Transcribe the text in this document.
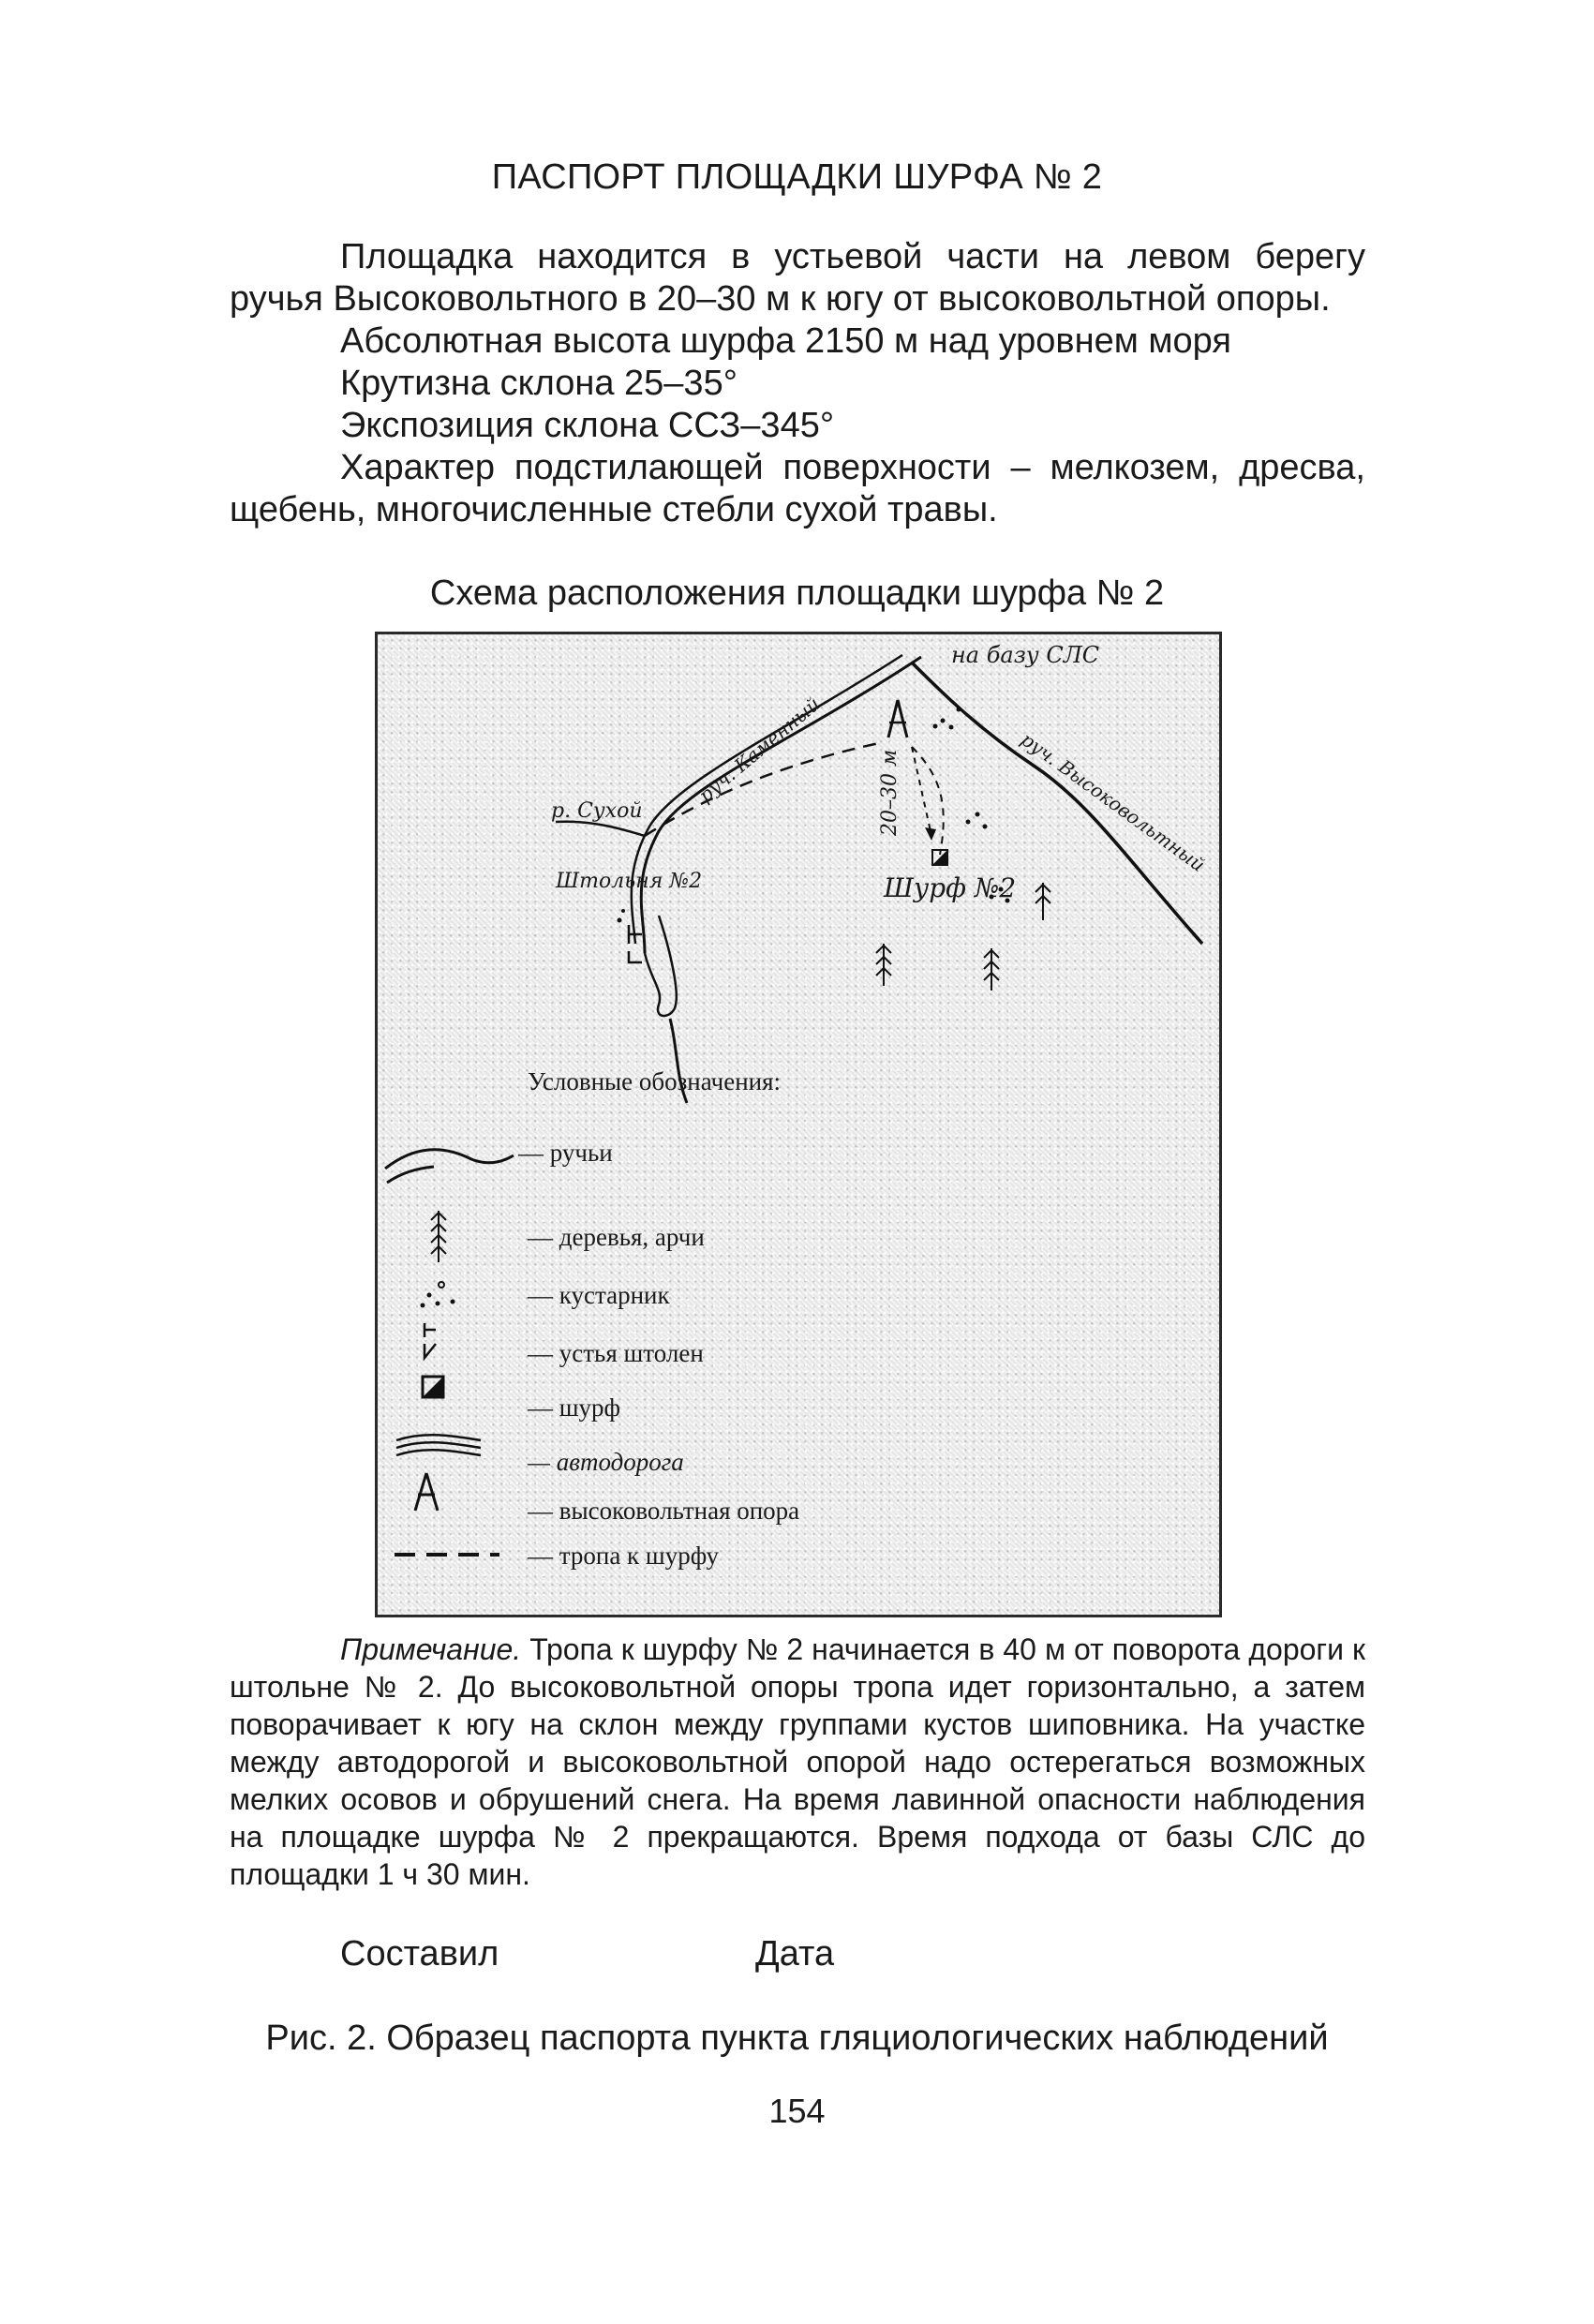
ПАСПОРТ ПЛОЩАДКИ ШУРФА № 2

Площадка находится в устьевой части на левом берегу ручья Высоковольтного в 20–30 м к югу от высоковольтной опоры.

Абсолютная высота шурфа 2150 м над уровнем моря

Крутизна склона 25–35°

Экспозиция склона ССЗ–345°

Характер подстилающей поверхности – мелкозем, дресва, щебень, многочисленные стебли сухой травы.

Схема расположения площадки шурфа № 2
на базу СЛС
руч. Каменный
р. Сухой
Штольня №2
20–30 м
Шурф №2
руч. Высоковольтный
Условные обозначения:
— ручьи
— деревья, арчи
— кустарник
— устья штолен
— шурф
— автодорога
— высоковольтная опора
— тропа к шурфу

Примечание. Тропа к шурфу № 2 начинается в 40 м от поворота дороги к штольне № 2. До высоковольтной опоры тропа идет горизонтально, а затем поворачивает к югу на склон между группами кустов шиповника. На участке между автодорогой и высоковольтной опорой надо остерегаться возможных мелких осовов и обрушений снега. На время лавинной опасности наблюдения на площадке шурфа № 2 прекращаются. Время подхода от базы СЛС до площадки 1 ч 30 мин.

Составил	Дата
Рис. 2. Образец паспорта пункта гляциологических наблюдений
154
